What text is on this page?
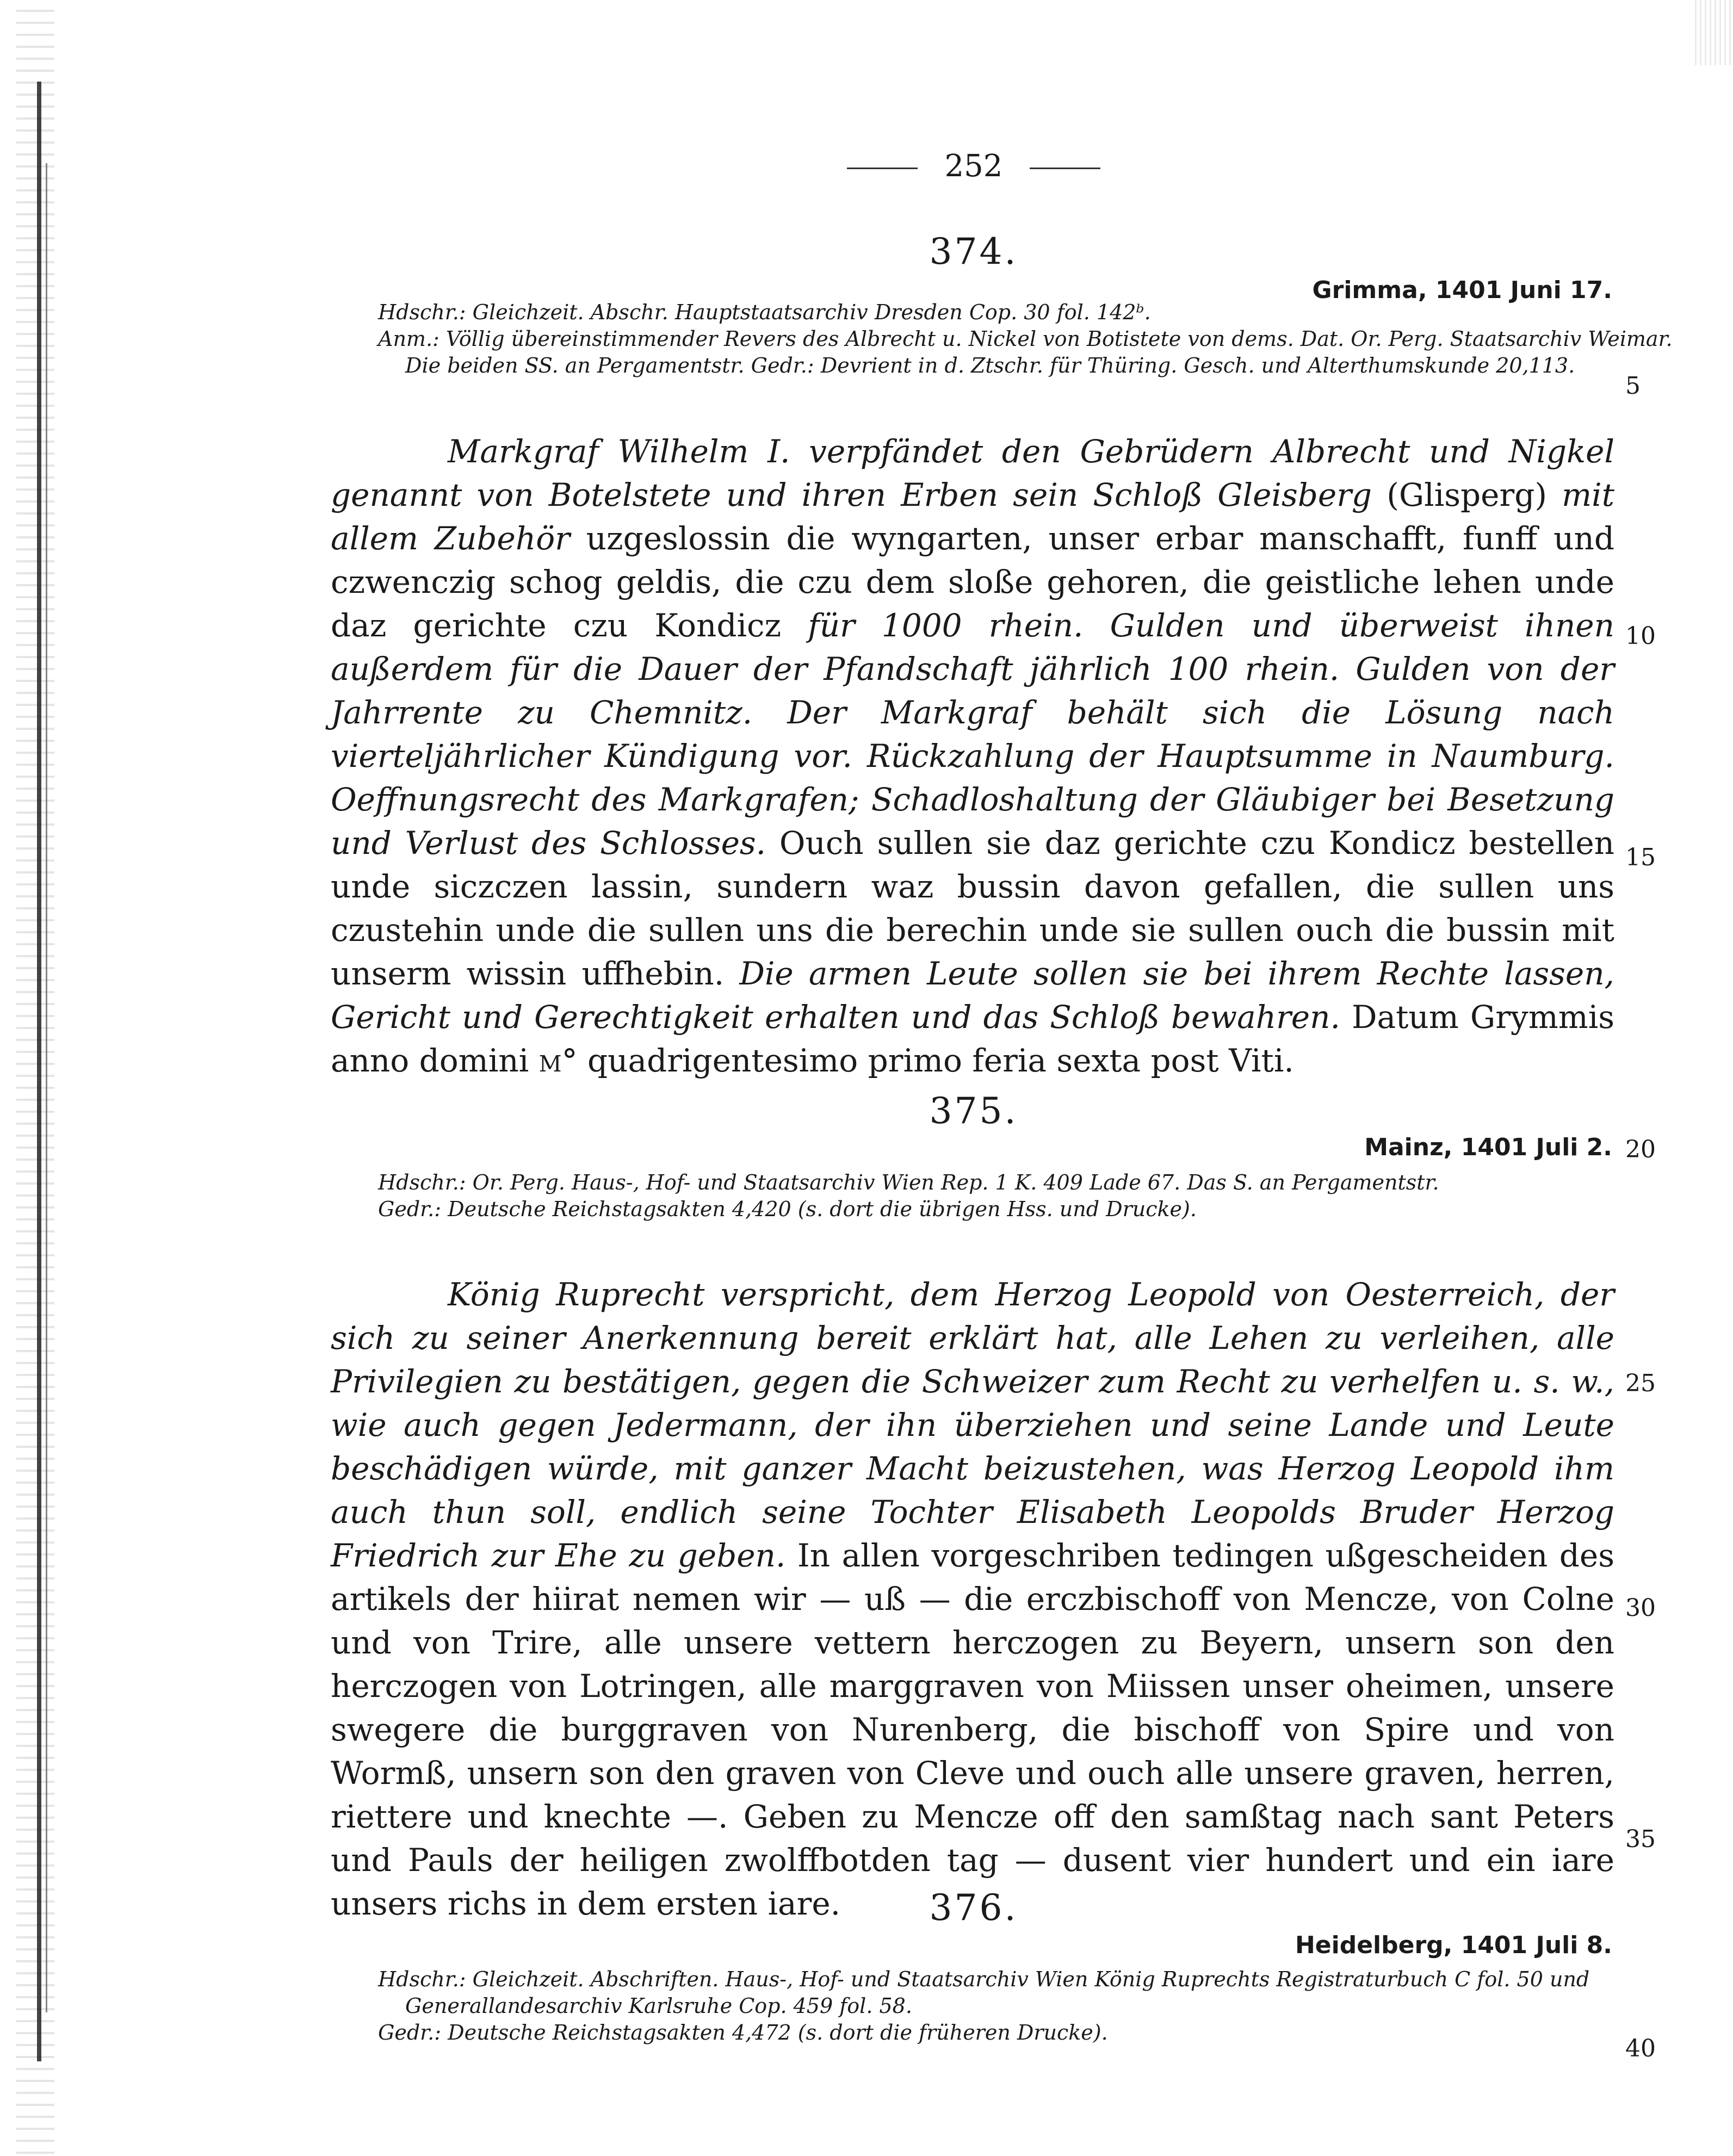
252
374.
Grimma, 1401 Juni 17.
Hdschr.: Gleichzeit. Abschr. Hauptstaatsarchiv Dresden Cop. 30 fol. 142ᵇ.
Anm.: Völlig übereinstimmender Revers des Albrecht u. Nickel von Botistete von dems. Dat. Or. Perg. Staatsarchiv Weimar.
Die beiden SS. an Pergamentstr. Gedr.: Devrient in d. Ztschr. für Thüring. Gesch. und Alterthumskunde 20,113.

Markgraf Wilhelm I. verpfändet den Gebrüdern Albrecht und Nigkel genannt von Botelstete und ihren Erben sein Schloß Gleisberg (Glisperg) mit allem Zubehör uzgeslossin die wyngarten, unser erbar manschafft, funff und czwenczig schog geldis, die czu dem sloße gehoren, die geistliche lehen unde daz gerichte czu Kondicz für 1000 rhein. Gulden und überweist ihnen außerdem für die Dauer der Pfandschaft jährlich 100 rhein. Gulden von der Jahrrente zu Chemnitz. Der Markgraf behält sich die Lösung nach vierteljährlicher Kündigung vor. Rückzahlung der Hauptsumme in Naumburg. Oeffnungsrecht des Markgrafen; Schadloshaltung der Gläubiger bei Besetzung und Verlust des Schlosses. Ouch sullen sie daz gerichte czu Kondicz bestellen unde siczczen lassin, sundern waz bussin davon gefallen, die sullen uns czustehin unde die sullen uns die berechin unde sie sullen ouch die bussin mit unserm wissin uffhebin. Die armen Leute sollen sie bei ihrem Rechte lassen, Gericht und Gerechtigkeit erhalten und das Schloß bewahren. Datum Grymmis anno domini m° quadrigentesimo primo feria sexta post Viti.

375.
Mainz, 1401 Juli 2.
Hdschr.: Or. Perg. Haus-, Hof- und Staatsarchiv Wien Rep. 1 K. 409 Lade 67. Das S. an Pergamentstr.
Gedr.: Deutsche Reichstagsakten 4,420 (s. dort die übrigen Hss. und Drucke).

König Ruprecht verspricht, dem Herzog Leopold von Oesterreich, der sich zu seiner Anerkennung bereit erklärt hat, alle Lehen zu verleihen, alle Privilegien zu bestätigen, gegen die Schweizer zum Recht zu verhelfen u. s. w., wie auch gegen Jedermann, der ihn überziehen und seine Lande und Leute beschädigen würde, mit ganzer Macht beizustehen, was Herzog Leopold ihm auch thun soll, endlich seine Tochter Elisabeth Leopolds Bruder Herzog Friedrich zur Ehe zu geben. In allen vorgeschriben tedingen ußgescheiden des artikels der hiirat nemen wir — uß — die erczbischoff von Mencze, von Colne und von Trire, alle unsere vettern herczogen zu Beyern, unsern son den herczogen von Lotringen, alle marggraven von Miissen unser oheimen, unsere swegere die burggraven von Nurenberg, die bischoff von Spire und von Wormß, unsern son den graven von Cleve und ouch alle unsere graven, herren, riettere und knechte —. Geben zu Mencze off den samßtag nach sant Peters und Pauls der heiligen zwolffbotden tag — dusent vier hundert und ein iare unsers richs in dem ersten iare.	376.
Heidelberg, 1401 Juli 8.
Hdschr.: Gleichzeit. Abschriften. Haus-, Hof- und Staatsarchiv Wien König Ruprechts Registraturbuch C fol. 50 und
Generallandesarchiv Karlsruhe Cop. 459 fol. 58.
Gedr.: Deutsche Reichstagsakten 4,472 (s. dort die früheren Drucke).
5
10
15
20
25
30
35
40
